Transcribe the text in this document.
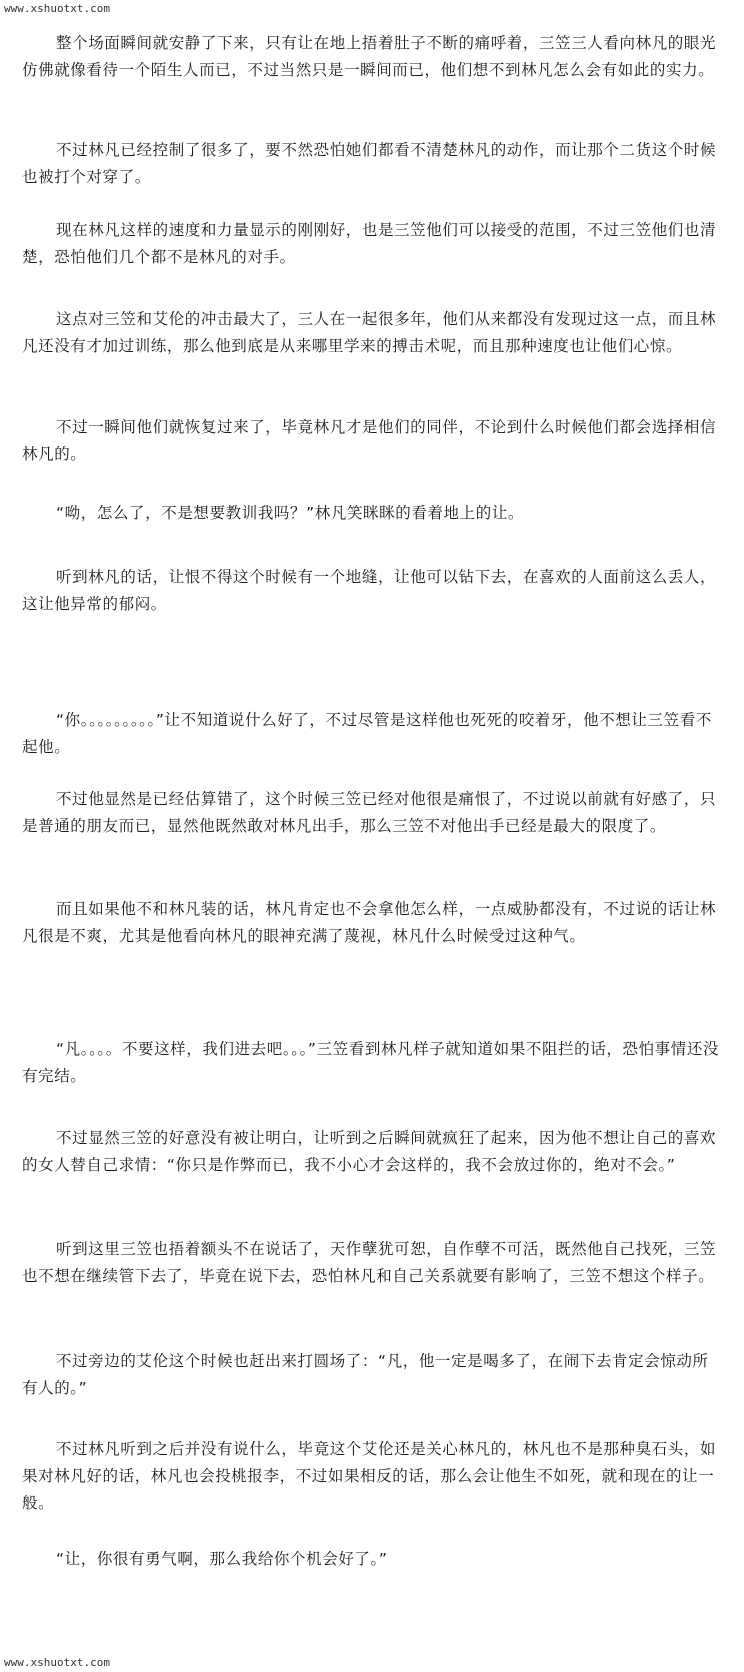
www.xshuotxt.com

整个场面瞬间就安静了下来，只有让在地上捂着肚子不断的痛呼着，三笠三人看向林凡的眼光仿佛就像看待一个陌生人而已，不过当然只是一瞬间而已，他们想不到林凡怎么会有如此的实力。

不过林凡已经控制了很多了，要不然恐怕她们都看不清楚林凡的动作，而让那个二货这个时候也被打个对穿了。

现在林凡这样的速度和力量显示的刚刚好，也是三笠他们可以接受的范围，不过三笠他们也清楚，恐怕他们几个都不是林凡的对手。

这点对三笠和艾伦的冲击最大了，三人在一起很多年，他们从来都没有发现过这一点，而且林凡还没有才加过训练，那么他到底是从来哪里学来的搏击术呢，而且那种速度也让他们心惊。

不过一瞬间他们就恢复过来了，毕竟林凡才是他们的同伴，不论到什么时候他们都会选择相信林凡的。

“呦，怎么了，不是想要教训我吗？”林凡笑眯眯的看着地上的让。

听到林凡的话，让恨不得这个时候有一个地缝，让他可以钻下去，在喜欢的人面前这么丢人，这让他异常的郁闷。

“你。。。。。。。。。”让不知道说什么好了，不过尽管是这样他也死死的咬着牙，他不想让三笠看不起他。

不过他显然是已经估算错了，这个时候三笠已经对他很是痛恨了，不过说以前就有好感了，只是普通的朋友而已，显然他既然敢对林凡出手，那么三笠不对他出手已经是最大的限度了。

而且如果他不和林凡装的话，林凡肯定也不会拿他怎么样，一点威胁都没有，不过说的话让林凡很是不爽，尤其是他看向林凡的眼神充满了蔑视，林凡什么时候受过这种气。

“凡。。。。不要这样，我们进去吧。。。”三笠看到林凡样子就知道如果不阻拦的话，恐怕事情还没有完结。

不过显然三笠的好意没有被让明白，让听到之后瞬间就疯狂了起来，因为他不想让自己的喜欢的女人替自己求情：“你只是作弊而已，我不小心才会这样的，我不会放过你的，绝对不会。”

听到这里三笠也捂着额头不在说话了，天作孽犹可恕，自作孽不可活，既然他自己找死，三笠也不想在继续管下去了，毕竟在说下去，恐怕林凡和自己关系就要有影响了，三笠不想这个样子。

不过旁边的艾伦这个时候也赶出来打圆场了：“凡，他一定是喝多了，在闹下去肯定会惊动所有人的。”

不过林凡听到之后并没有说什么，毕竟这个艾伦还是关心林凡的，林凡也不是那种臭石头，如果对林凡好的话，林凡也会投桃报李，不过如果相反的话，那么会让他生不如死，就和现在的让一般。

“让，你很有勇气啊，那么我给你个机会好了。”

www.xshuotxt.com
